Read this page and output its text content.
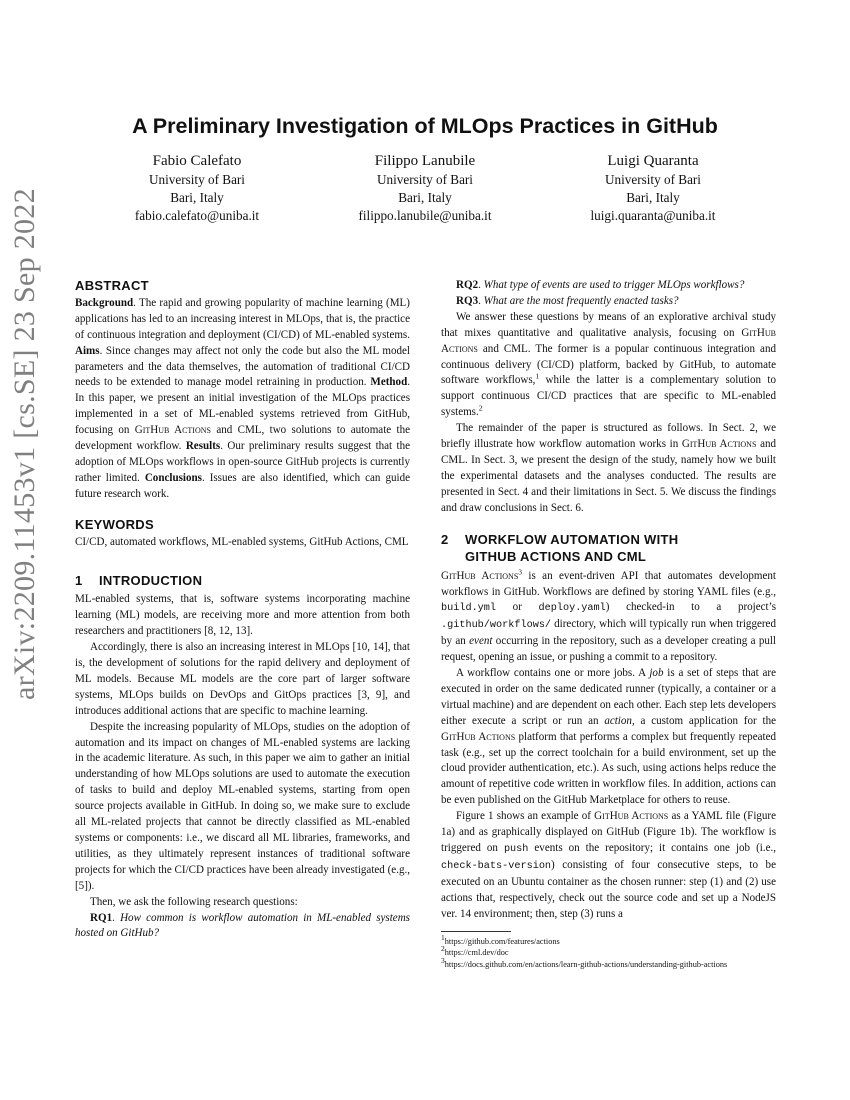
arXiv:2209.11453v1 [cs.SE] 23 Sep 2022
A Preliminary Investigation of MLOps Practices in GitHub
Fabio Calefato
University of Bari
Bari, Italy
fabio.calefato@uniba.it
Filippo Lanubile
University of Bari
Bari, Italy
filippo.lanubile@uniba.it
Luigi Quaranta
University of Bari
Bari, Italy
luigi.quaranta@uniba.it
ABSTRACT

Background. The rapid and growing popularity of machine learning (ML) applications has led to an increasing interest in MLOps, that is, the practice of continuous integration and deployment (CI/CD) of ML-enabled systems. Aims. Since changes may affect not only the code but also the ML model parameters and the data themselves, the automation of traditional CI/CD needs to be extended to manage model retraining in production. Method. In this paper, we present an initial investigation of the MLOps practices implemented in a set of ML-enabled systems retrieved from GitHub, focusing on GitHub Actions and CML, two solutions to automate the development workflow. Results. Our preliminary results suggest that the adoption of MLOps workflows in open-source GitHub projects is currently rather limited. Conclusions. Issues are also identified, which can guide future research work.

KEYWORDS

CI/CD, automated workflows, ML-enabled systems, GitHub Actions, CML

1 INTRODUCTION

ML-enabled systems, that is, software systems incorporating machine learning (ML) models, are receiving more and more attention from both researchers and practitioners [8, 12, 13].

Accordingly, there is also an increasing interest in MLOps [10, 14], that is, the development of solutions for the rapid delivery and deployment of ML models. Because ML models are the core part of larger software systems, MLOps builds on DevOps and GitOps practices [3, 9], and introduces additional actions that are specific to machine learning.

Despite the increasing popularity of MLOps, studies on the adoption of automation and its impact on changes of ML-enabled systems are lacking in the academic literature. As such, in this paper we aim to gather an initial understanding of how MLOps solutions are used to automate the execution of tasks to build and deploy ML-enabled systems, starting from open source projects available in GitHub. In doing so, we make sure to exclude all ML-related projects that cannot be directly classified as ML-enabled systems or components: i.e., we discard all ML libraries, frameworks, and utilities, as they ultimately represent instances of traditional software projects for which the CI/CD practices have been already investigated (e.g., [5]).

Then, we ask the following research questions:

RQ1. How common is workflow automation in ML-enabled systems hosted on GitHub?

RQ2. What type of events are used to trigger MLOps workflows?

RQ3. What are the most frequently enacted tasks?

We answer these questions by means of an explorative archival study that mixes quantitative and qualitative analysis, focusing on GitHub Actions and CML. The former is a popular continuous integration and continuous delivery (CI/CD) platform, backed by GitHub, to automate software workflows,$^1$ while the latter is a complementary solution to support continuous CI/CD practices that are specific to ML-enabled systems.$^2$

The remainder of the paper is structured as follows. In Sect. 2, we briefly illustrate how workflow automation works in GitHub Actions and CML. In Sect. 3, we present the design of the study, namely how we built the experimental datasets and the analyses conducted. The results are presented in Sect. 4 and their limitations in Sect. 5. We discuss the findings and draw conclusions in Sect. 6.

2 WORKFLOW AUTOMATION WITH
GITHUB ACTIONS AND CML

GitHub Actions$^3$ is an event-driven API that automates development workflows in GitHub. Workflows are defined by storing YAML files (e.g., build.yml or deploy.yaml) checked-in to a project’s .github/workflows/ directory, which will typically run when triggered by an event occurring in the repository, such as a developer creating a pull request, opening an issue, or pushing a commit to a repository.

A workflow contains one or more jobs. A job is a set of steps that are executed in order on the same dedicated runner (typically, a container or a virtual machine) and are dependent on each other. Each step lets developers either execute a script or run an action, a custom application for the GitHub Actions platform that performs a complex but frequently repeated task (e.g., set up the correct toolchain for a build environment, set up the cloud provider authentication, etc.). As such, using actions helps reduce the amount of repetitive code written in workflow files. In addition, actions can be even published on the GitHub Marketplace for others to reuse.

Figure 1 shows an example of GitHub Actions as a YAML file (Figure 1a) and as graphically displayed on GitHub (Figure 1b). The workflow is triggered on push events on the repository; it contains one job (i.e., check-bats-version) consisting of four consecutive steps, to be executed on an Ubuntu container as the chosen runner: step (1) and (2) use actions that, respectively, check out the source code and set up a NodeJS ver. 14 environment; then, step (3) runs a

$^1$https://github.com/features/actions
$^2$https://cml.dev/doc
$^3$https://docs.github.com/en/actions/learn-github-actions/understanding-github-actions
